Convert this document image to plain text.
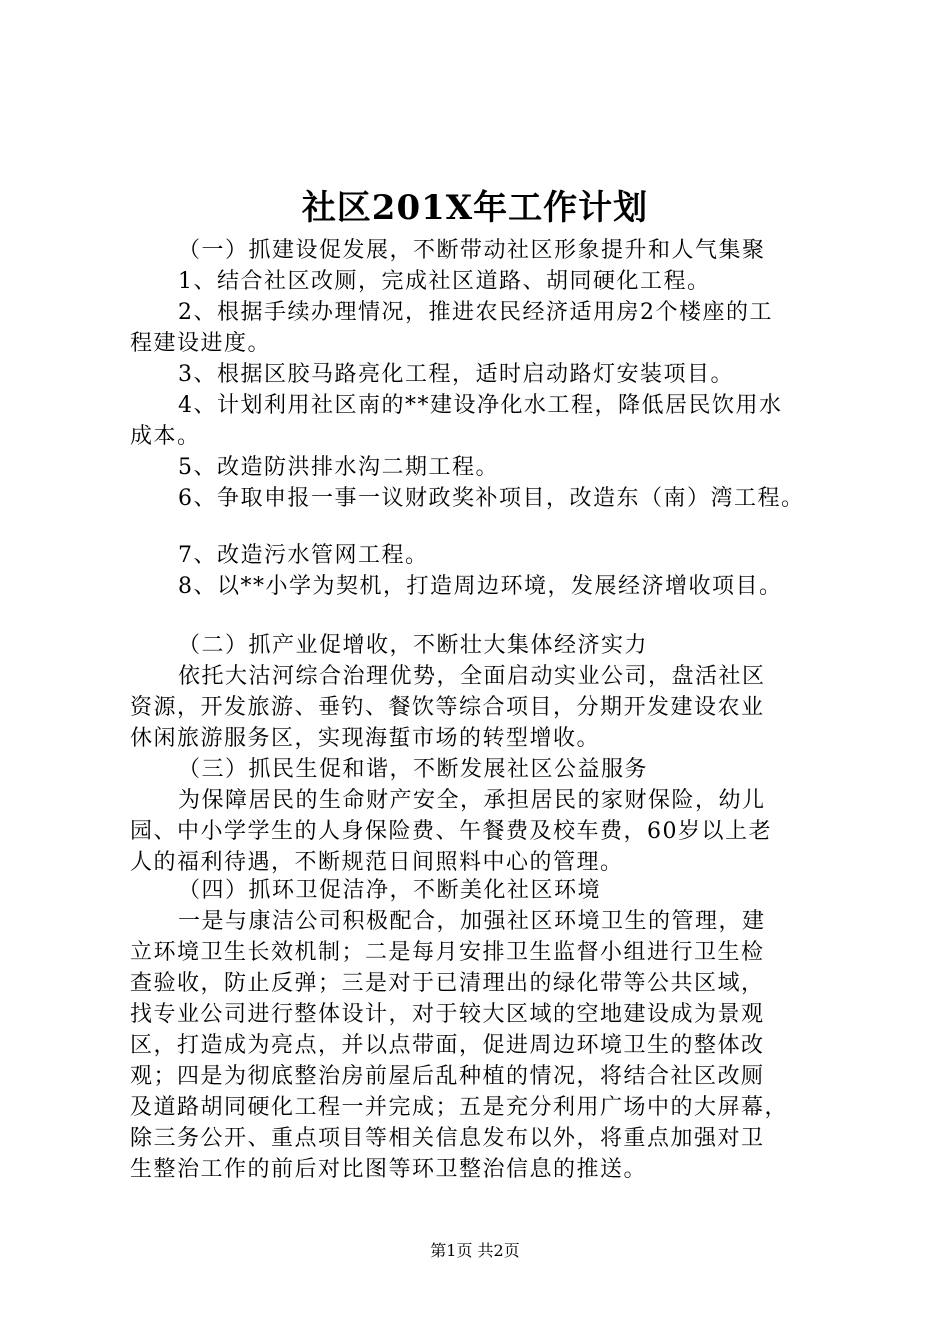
社区201X年工作计划
（一）抓建设促发展，不断带动社区形象提升和人气集聚
1、结合社区改厕，完成社区道路、胡同硬化工程。
2、根据手续办理情况，推进农民经济适用房2个楼座的工
程建设进度。
3、根据区胶马路亮化工程，适时启动路灯安装项目。
4、计划利用社区南的**建设净化水工程，降低居民饮用水
成本。
5、改造防洪排水沟二期工程。
6、争取申报一事一议财政奖补项目，改造东（南）湾工程。
7、改造污水管网工程。
8、以**小学为契机，打造周边环境，发展经济增收项目。
（二）抓产业促增收，不断壮大集体经济实力
依托大沽河综合治理优势，全面启动实业公司，盘活社区
资源，开发旅游、垂钓、餐饮等综合项目，分期开发建设农业
休闲旅游服务区，实现海蜇市场的转型增收。
（三）抓民生促和谐，不断发展社区公益服务
为保障居民的生命财产安全，承担居民的家财保险，幼儿
园、中小学学生的人身保险费、午餐费及校车费，60岁以上老
人的福利待遇，不断规范日间照料中心的管理。
（四）抓环卫促洁净，不断美化社区环境
一是与康洁公司积极配合，加强社区环境卫生的管理，建
立环境卫生长效机制；二是每月安排卫生监督小组进行卫生检
查验收，防止反弹；三是对于已清理出的绿化带等公共区域，
找专业公司进行整体设计，对于较大区域的空地建设成为景观
区，打造成为亮点，并以点带面，促进周边环境卫生的整体改
观；四是为彻底整治房前屋后乱种植的情况，将结合社区改厕
及道路胡同硬化工程一并完成；五是充分利用广场中的大屏幕，
除三务公开、重点项目等相关信息发布以外，将重点加强对卫
生整治工作的前后对比图等环卫整治信息的推送。
第1页 共2页
